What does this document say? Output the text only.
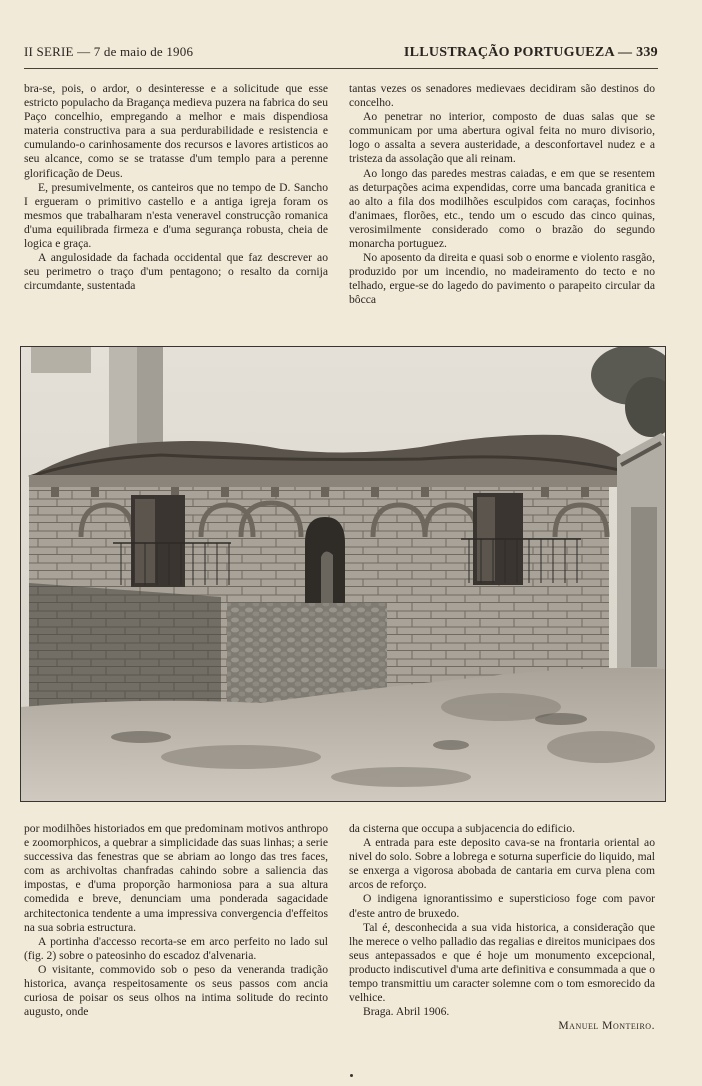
II SERIE — 7 de maio de 1906	ILLUSTRAÇÃO PORTUGUEZA — 339

bra-se, pois, o ardor, o desinteresse e a solicitude que esse estricto populacho da Bragança medieva puzera na fabrica do seu Paço concelhio, empregando a melhor e mais dispendiosa materia constructiva para a sua perdurabilidade e resistencia e cumulando-o carinhosamente dos recursos e lavores artisticos ao seu alcance, como se se tratasse d'um templo para a perenne glorificação de Deus.

E, presumivelmente, os canteiros que no tempo de D. Sancho I ergueram o primitivo castello e a antiga igreja foram os mesmos que trabalharam n'esta veneravel construcção romanica d'uma equilibrada firmeza e d'uma segurança robusta, cheia de logica e graça.

A angulosidade da fachada occidental que faz descrever ao seu perimetro o traço d'um pentagono; o resalto da cornija circumdante, sustentada

tantas vezes os senadores medievaes decidiram são destinos do concelho.

Ao penetrar no interior, composto de duas salas que se communicam por uma abertura ogival feita no muro divisorio, logo o assalta a severa austeridade, a desconfortavel nudez e a tristeza da assolação que ali reinam.

Ao longo das paredes mestras caiadas, e em que se resentem as deturpações acima expendidas, corre uma bancada granitica e ao alto a fila dos modilhões esculpidos com caraças, focinhos d'animaes, florões, etc., tendo um o escudo das cinco quinas, verosimilmente considerado como o brazão do segundo monarcha portuguez.

No aposento da direita e quasi sob o enorme e violento rasgão, produzido por um incendio, no madeiramento do tecto e no telhado, ergue-se do lagedo do pavimento o parapeito circular da bôcca

por modilhões historiados em que predominam motivos anthropo e zoomorphicos, a quebrar a simplicidade das suas linhas; a serie successiva das fenestras que se abriam ao longo das tres faces, com as archivoltas chanfradas cahindo sobre a saliencia das impostas, e d'uma proporção harmoniosa para a sua altura comedida e breve, denunciam uma ponderada sagacidade architectonica tendente a uma impressiva convergencia d'effeitos na sua sobria estructura.

A portinha d'accesso recorta-se em arco perfeito no lado sul (fig. 2) sobre o pateosinho do escadoz d'alvenaria.

O visitante, commovido sob o peso da veneranda tradição historica, avança respeitosamente os seus passos com ancia curiosa de poisar os seus olhos na intima solitude do recinto augusto, onde

da cisterna que occupa a subjacencia do edificio.

A entrada para este deposito cava-se na frontaria oriental ao nivel do solo. Sobre a lobrega e soturna superficie do liquido, mal se enxerga a vigorosa abobada de cantaria em curva plena com arcos de reforço.

O indigena ignorantissimo e supersticioso foge com pavor d'este antro de bruxedo.

Tal é, desconhecida a sua vida historica, a consideração que lhe merece o velho palladio das regalias e direitos municipaes dos seus antepassados e que é hoje um monumento excepcional, producto indiscutivel d'uma arte definitiva e consummada a que o tempo transmittiu um caracter solemne com o tom esmorecido da velhice.

Braga. Abril 1906.

Manuel Monteiro.
